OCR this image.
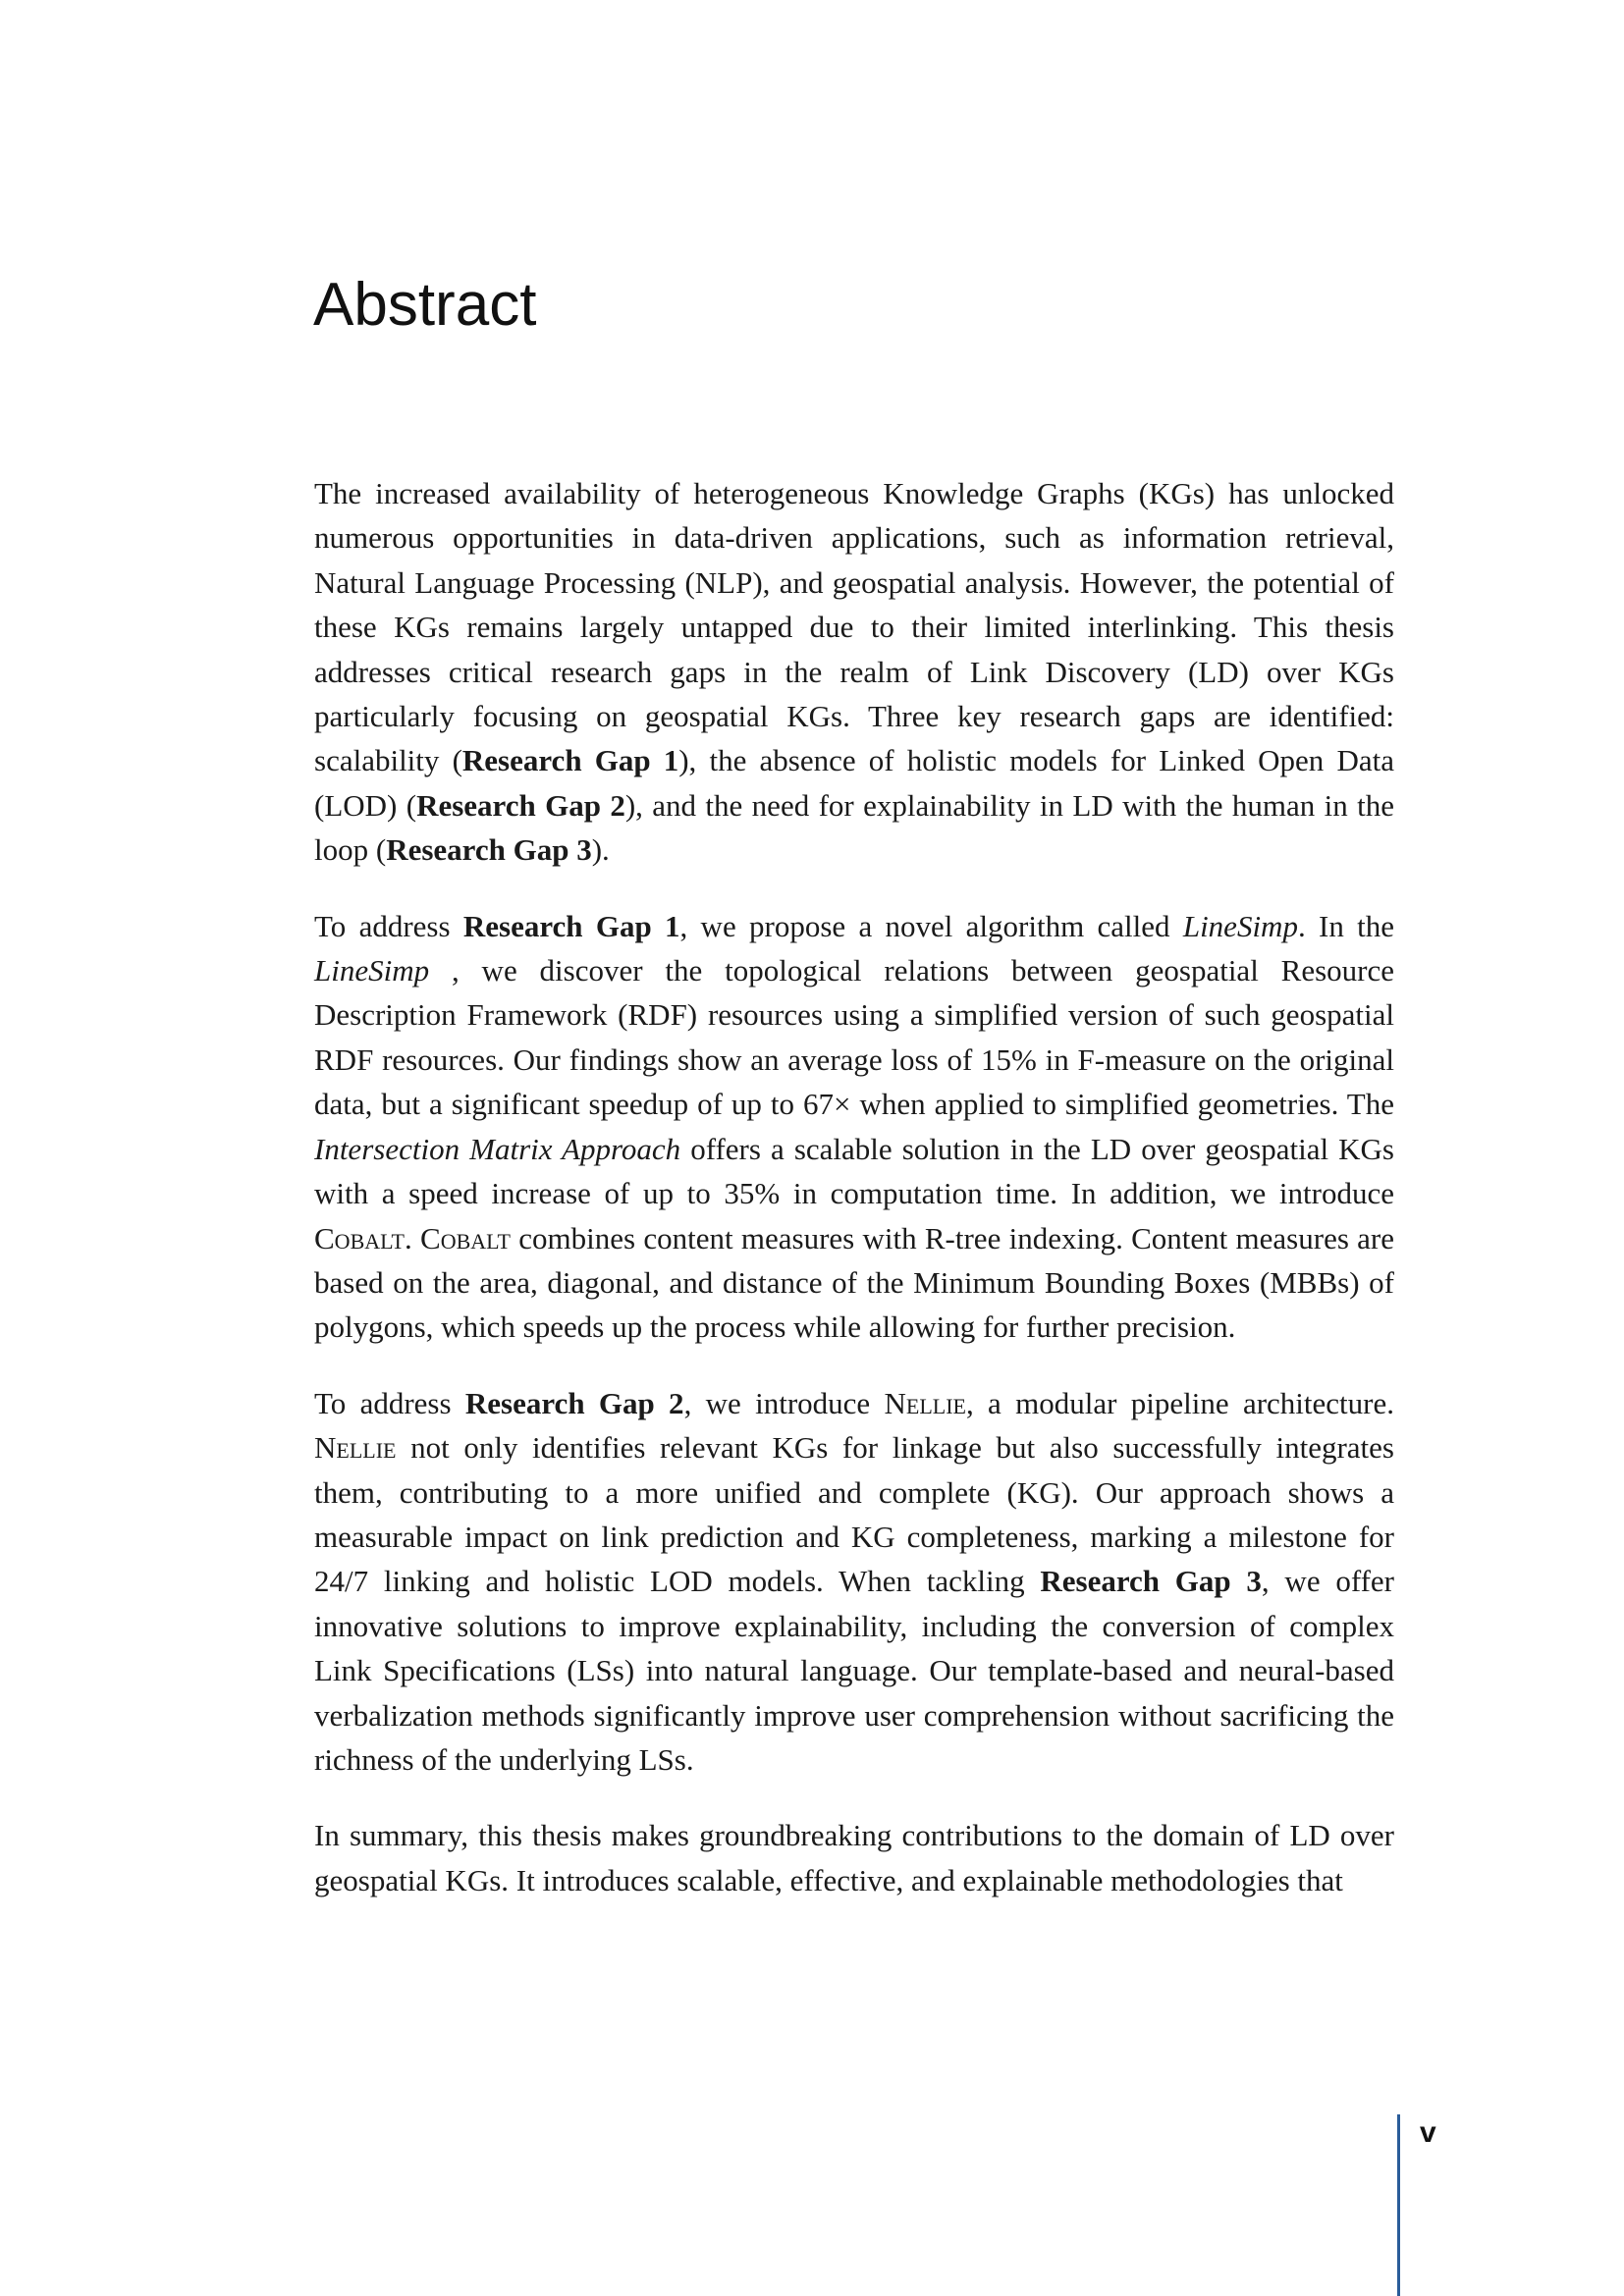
Abstract

The increased availability of heterogeneous Knowledge Graphs (KGs) has unlocked numerous opportunities in data-driven applications, such as information retrieval, Natural Language Processing (NLP), and geospatial analysis. However, the potential of these KGs remains largely untapped due to their limited interlinking. This thesis addresses critical research gaps in the realm of Link Discovery (LD) over KGs particularly focusing on geospatial KGs. Three key research gaps are identified: scalability (Research Gap 1), the absence of holistic models for Linked Open Data (LOD) (Research Gap 2), and the need for explainability in LD with the human in the loop (Research Gap 3).

To address Research Gap 1, we propose a novel algorithm called LineSimp. In the LineSimp , we discover the topological relations between geospatial Resource Description Framework (RDF) resources using a simplified version of such geospatial RDF resources. Our findings show an average loss of 15% in F-measure on the original data, but a significant speedup of up to 67× when applied to simplified geometries. The Intersection Matrix Approach offers a scalable solution in the LD over geospatial KGs with a speed increase of up to 35% in computation time. In addition, we introduce Cobalt. Cobalt combines content measures with R-tree indexing. Content measures are based on the area, diagonal, and distance of the Minimum Bounding Boxes (MBBs) of polygons, which speeds up the process while allowing for further precision.

To address Research Gap 2, we introduce Nellie, a modular pipeline architecture. Nellie not only identifies relevant KGs for linkage but also successfully integrates them, contributing to a more unified and complete (KG). Our approach shows a measurable impact on link prediction and KG completeness, marking a milestone for 24/7 linking and holistic LOD models. When tackling Research Gap 3, we offer innovative solutions to improve explainability, including the conversion of complex Link Specifications (LSs) into natural language. Our template-based and neural-based verbalization methods significantly improve user comprehension without sacrificing the richness of the underlying LSs.

In summary, this thesis makes groundbreaking contributions to the domain of LD over geospatial KGs. It introduces scalable, effective, and explainable methodologies that

v
